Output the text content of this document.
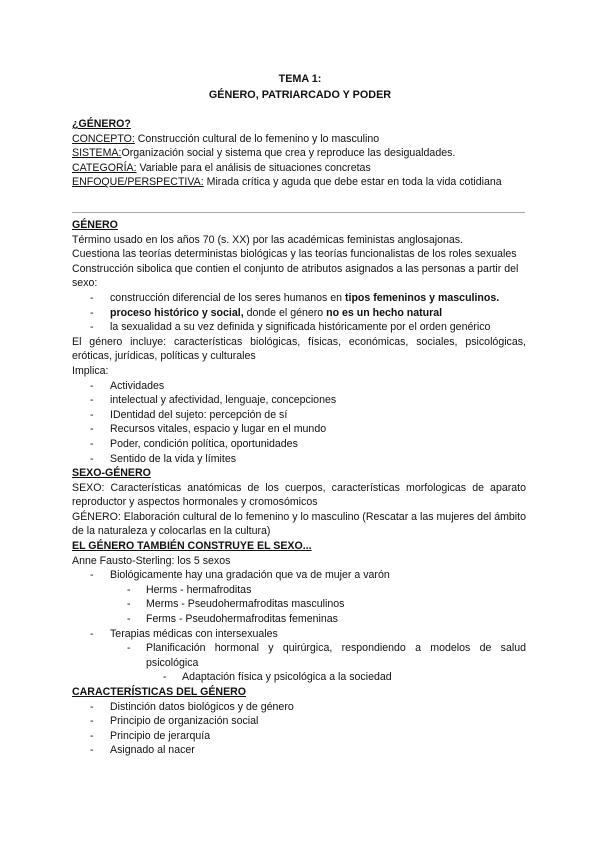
TEMA 1:
GÉNERO, PATRIARCADO Y PODER
¿GÉNERO?
CONCEPTO: Construcción cultural de lo femenino y lo masculino
SISTEMA:Organización social y sistema que crea y reproduce las desigualdades.
CATEGORÍA: Variable para el análisis de situaciones concretas
ENFOQUE/PERSPECTIVA: Mirada crítica y aguda que debe estar en toda la vida cotidiana
GÉNERO
Término usado en los años 70 (s. XX) por las académicas feministas anglosajonas.
Cuestiona las teorías deterministas biológicas y las teorías funcionalistas de los roles sexuales
Construcción sibolica que contien el conjunto de atributos asignados a las personas a partir del sexo:
- construcción diferencial de los seres humanos en tipos femeninos y masculinos.
- proceso histórico y social, donde el género no es un hecho natural
- la sexualidad a su vez definida y significada históricamente por el orden genérico
El género incluye: características biológicas, físicas, económicas, sociales, psicológicas, eróticas, jurídicas, políticas y culturales
Implica:
- Actividades
- intelectual y afectividad, lenguaje, concepciones
- IDentidad del sujeto: percepción de sí
- Recursos vitales, espacio y lugar en el mundo
- Poder, condición política, oportunidades
- Sentido de la vida y límites
SEXO-GÉNERO
SEXO: Características anatómicas de los cuerpos, características morfologicas de aparato reproductor y aspectos hormonales y cromosómicos
GÉNERO: Elaboración cultural de lo femenino y lo masculino (Rescatar a las mujeres del ámbito de la naturaleza y colocarlas en la cultura)
EL GÉNERO TAMBIÉN CONSTRUYE EL SEXO...
Anne Fausto-Sterling: los 5 sexos
- Biológicamente hay una gradación que va de mujer a varón
- Herms - hermafroditas
- Merms - Pseudohermafroditas masculinos
- Ferms - Pseudohermafroditas femeninas
- Terapias médicas con intersexuales
- Planificación hormonal y quirúrgica, respondiendo a modelos de salud psicológica
- Adaptación física y psicológica a la sociedad
CARACTERÍSTICAS DEL GÉNERO
- Distinción datos biológicos y de género
- Principio de organización social
- Principio de jerarquía
- Asignado al nacer
